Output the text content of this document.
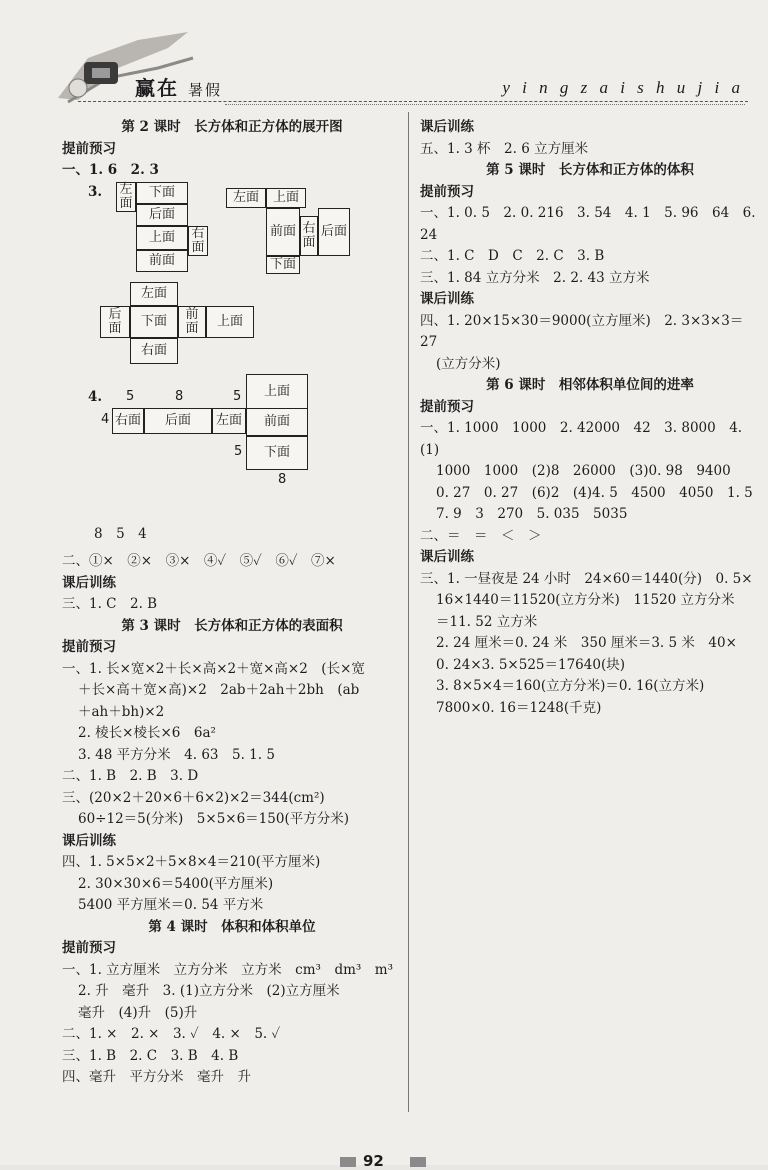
赢在 暑假	y i n g z a i s h u j i a
第 2 课时　长方体和正方体的展开图
提前预习
一、1. 6　2. 3
3.
4.
8　5　4
二、①×　②×　③×　④✓　⑤✓　⑥✓　⑦×
课后训练
三、1. C　2. B
第 3 课时　长方体和正方体的表面积
提前预习
一、1. 长×宽×2＋长×高×2＋宽×高×2　(长×宽
＋长×高＋宽×高)×2　2ab＋2ah＋2bh　(ab
＋ah＋bh)×2
2. 棱长×棱长×6　6a²
3. 48 平方分米　4. 63　5. 1. 5
二、1. B　2. B　3. D
三、(20×2＋20×6＋6×2)×2＝344(cm²)
60÷12＝5(分米)　5×5×6＝150(平方分米)
课后训练
四、1. 5×5×2＋5×8×4＝210(平方厘米)
2. 30×30×6＝5400(平方厘米)
5400 平方厘米＝0. 54 平方米
第 4 课时　体积和体积单位
提前预习
一、1. 立方厘米　立方分米　立方米　cm³　dm³　m³
2. 升　毫升　3. (1)立方分米　(2)立方厘米
毫升　(4)升　(5)升
二、1. ×　2. ×　3. ✓　4. ×　5. ✓
三、1. B　2. C　3. B　4. B
四、毫升　平方分米　毫升　升
左
面
下面
后面
上面	右
面
前面
左面	上面
前面 右
面
后面
下面
左面
后
面	下面	前
面	上面
右面
5	8	5
4
5
8
上面
右面	后面	左面	前面
下面
课后训练
五、1. 3 杯　2. 6 立方厘米
第 5 课时　长方体和正方体的体积
提前预习
一、1. 0. 5　2. 0. 216　3. 54　4. 1　5. 96　64　6. 24
二、1. C　D　C　2. C　3. B
三、1. 84 立方分米　2. 2. 43 立方米
课后训练
四、1. 20×15×30＝9000(立方厘米)　2. 3×3×3＝27
(立方分米)
第 6 课时　相邻体积单位间的进率
提前预习
一、1. 1000　1000　2. 42000　42　3. 8000　4. (1)
1000　1000　(2)8　26000　(3)0. 98　9400
0. 27　0. 27　(6)2　(4)4. 5　4500　4050　1. 5
7. 9　3　270　5. 035　5035
二、＝　＝　＜　＞
课后训练
三、1. 一昼夜是 24 小时　24×60＝1440(分)　0. 5×
16×1440＝11520(立方分米)　11520 立方分米
＝11. 52 立方米
2. 24 厘米＝0. 24 米　350 厘米＝3. 5 米　40×
0. 24×3. 5×525＝17640(块)
3. 8×5×4＝160(立方分米)＝0. 16(立方米)
7800×0. 16＝1248(千克)
92
